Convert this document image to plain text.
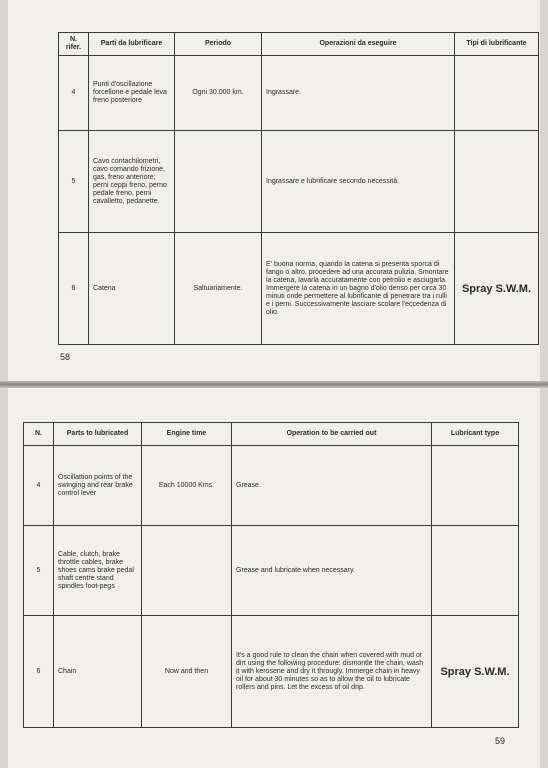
N. rifer.	Parti da lubrificare	Periodo	Operazioni da eseguire	Tipi di lubrificante
4	Punti d'oscillazione forcellone e pedale leva freno posteriore	Ogni 30.000 km.	Ingrassare.	
5	Cavo contachilometri, cavo comando frizione, gas, freno anteriore; perni ceppi freno, perno pedale freno, perni cavalletto, pedanette.		Ingrassare e lubrificare secondo necessità.	
6	Catena	Saltuariamente.	E' buona norma, quando la catena si presenta sporca di fango o altro, procedere ad una accurata pulizia. Smontare la catena, lavarla accuratamente con petrolio e asciugarla. Immergere la catena in un bagno d'olio denso per circa 30 minuti onde permettere al lubrificante di penetrare tra i rulli e i perni. Successivamente lasciare scolare l'eccedenza di olio.	Spray S.W.M.
58
N.	Parts to lubricated	Engine time	Operation to be carried out	Lubricant type
4	Oscillattion points of the swinging and rear brake control lever	Each 10000 Kms.	Grease.	
5	Cable, clutch, brake throttle cables, brake shoes cams brake pedal shaft centre stand spindles foot-pegs		Grease and lubricate when necessary.	
6	Chain	Now and then	It's a good rule to clean the chain when covered with mud or dirt using the following procedure: dismontle the chain, wash it with kerosene and dry it througly. Immerge chain in heavy oil for about 30 minutes so as to allow the oil to lubricate rollers and pins. Let the excess of oil drip.	Spray S.W.M.
59
